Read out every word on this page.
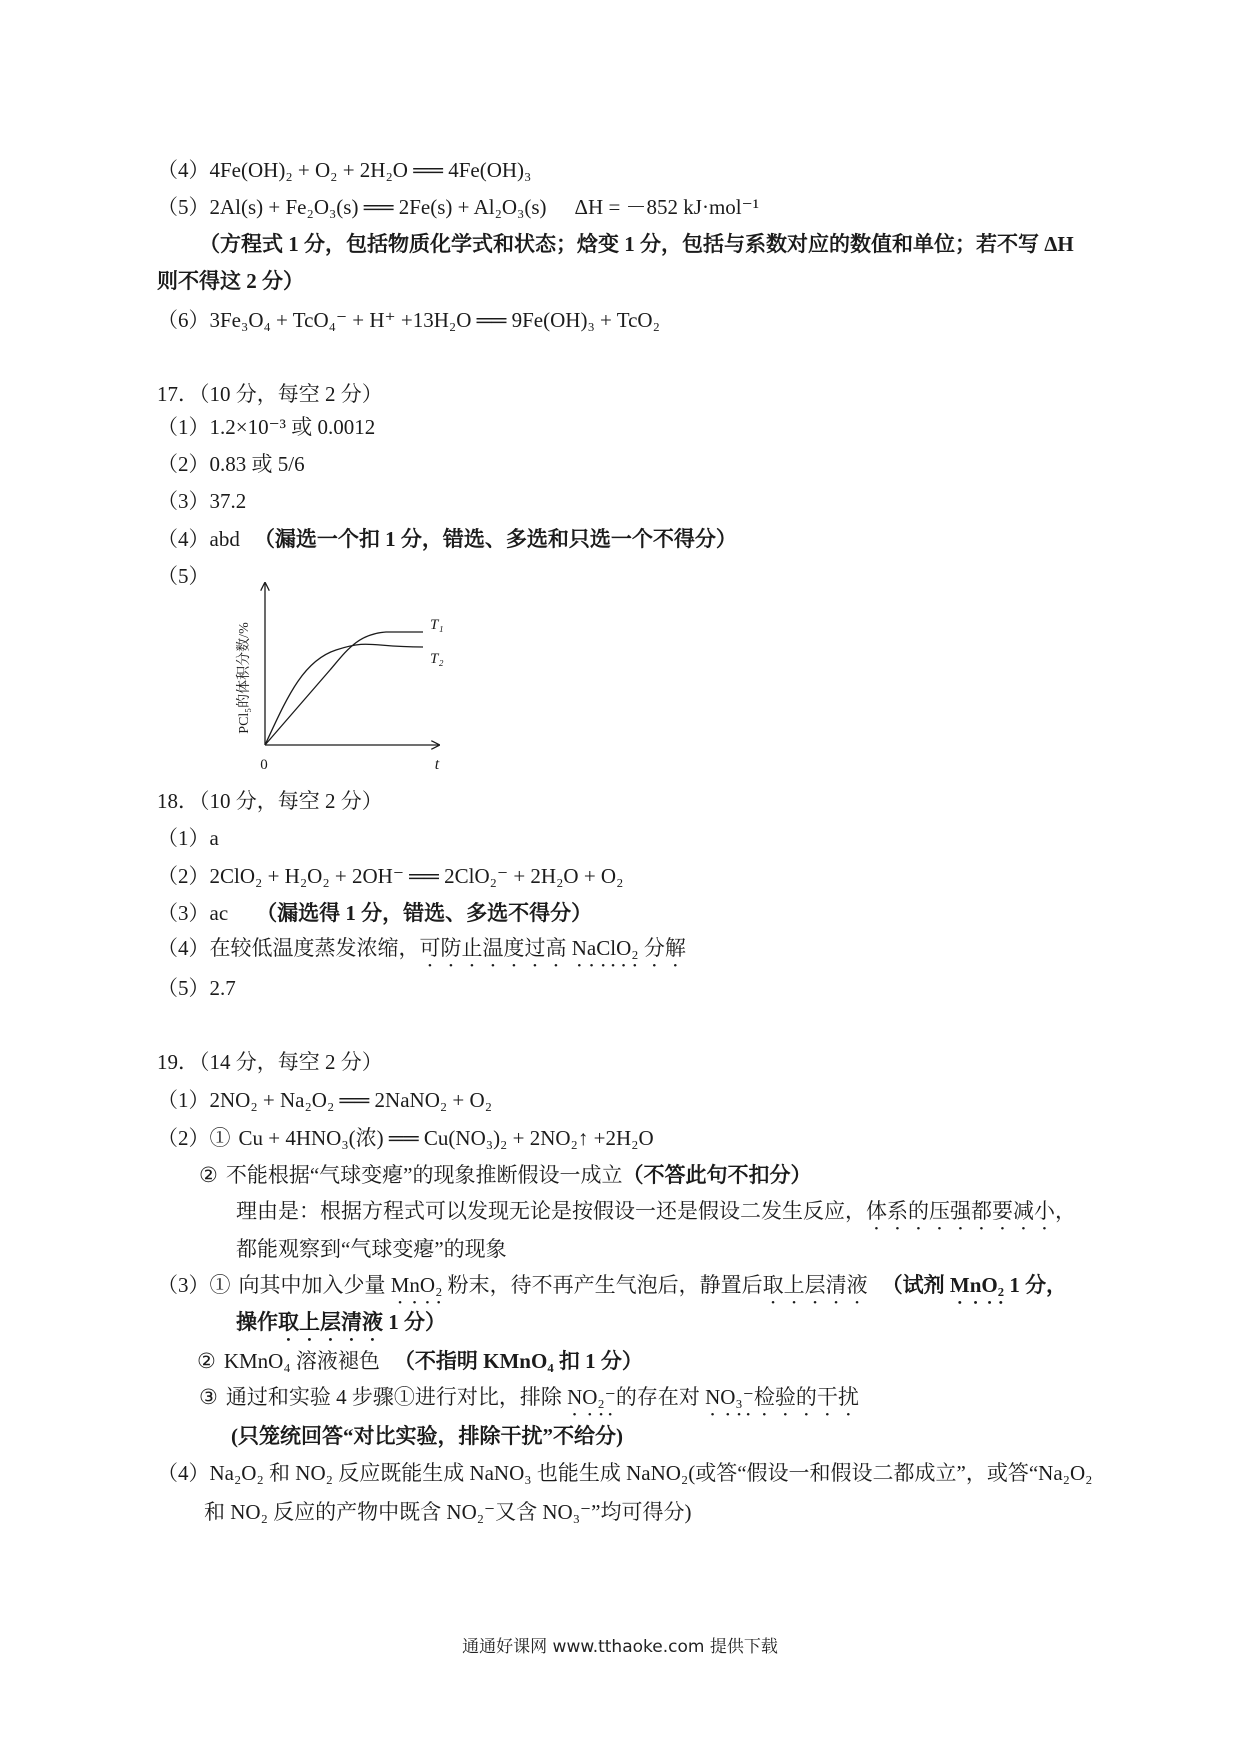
（4）4Fe(OH)₂ + O₂ + 2H₂O ══ 4Fe(OH)₃
（5）2Al(s) + Fe₂O₃(s) ══ 2Fe(s) + Al₂O₃(s) ΔH = －852 kJ·mol⁻¹
（方程式 1 分，包括物质化学式和状态；焓变 1 分，包括与系数对应的数值和单位；若不写 ΔH
则不得这 2 分）
（6）3Fe₃O₄ + TcO₄⁻ + H⁺ +13H₂O ══ 9Fe(OH)₃ + TcO₂
17．（10 分，每空 2 分）
（1）1.2×10⁻³ 或 0.0012
（2）0.83 或 5/6
（3）37.2
（4）abd （漏选一个扣 1 分，错选、多选和只选一个不得分）
（5）
T₁
T₂
0	t
PCl₅的体积分数/%
18．（10 分，每空 2 分）
（1）a
（2）2ClO₂ + H₂O₂ + 2OH⁻ ══ 2ClO₂⁻ + 2H₂O + O₂
（3）ac （漏选得 1 分，错选、多选不得分）
（4）在较低温度蒸发浓缩，可防止温度过高 NaClO₂ 分解
（5）2.7
19．（14 分，每空 2 分）
（1）2NO₂ + Na₂O₂ ══ 2NaNO₂ + O₂
（2）① Cu + 4HNO₃(浓) ══ Cu(NO₃)₂ + 2NO₂↑ +2H₂O
② 不能根据“气球变瘪”的现象推断假设一成立（不答此句不扣分）
理由是：根据方程式可以发现无论是按假设一还是假设二发生反应，体系的压强都要减小，
都能观察到“气球变瘪”的现象
（3）① 向其中加入少量 MnO₂ 粉末，待不再产生气泡后，静置后取上层清液 （试剂 MnO₂ 1 分，
操作取上层清液 1 分）
② KMnO₄ 溶液褪色 （不指明 KMnO₄ 扣 1 分）
③ 通过和实验 4 步骤①进行对比，排除 NO₂⁻的存在对 NO₃⁻检验的干扰
(只笼统回答“对比实验，排除干扰”不给分)
（4）Na₂O₂ 和 NO₂ 反应既能生成 NaNO₃ 也能生成 NaNO₂(或答“假设一和假设二都成立”，或答“Na₂O₂
和 NO₂ 反应的产物中既含 NO₂⁻又含 NO₃⁻”均可得分)
通通好课网 www.tthaoke.com 提供下载
